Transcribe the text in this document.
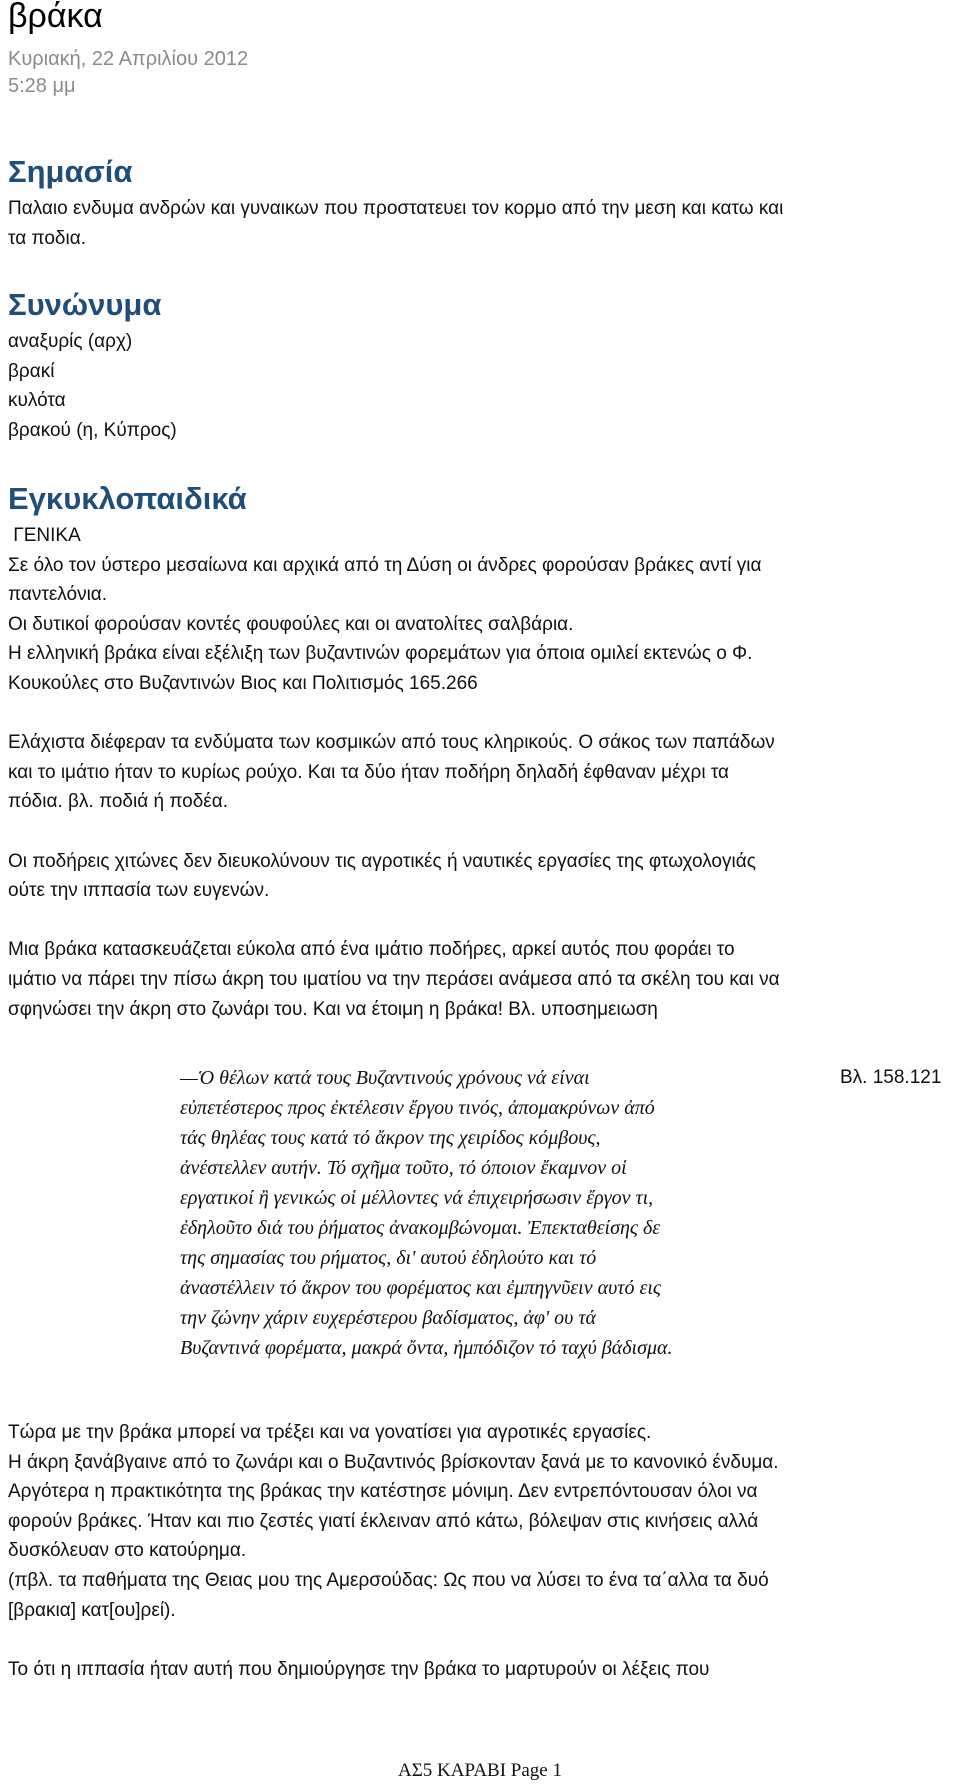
βράκα
Κυριακή, 22 Απριλίου 2012
5:28 μμ
Σημασία

Παλαιο ενδυμα ανδρών και γυναικων που προστατευει τον κορμο από την μεση και κατω και

τα ποδια.

Συνώνυμα

αναξυρίς (αρχ)

βρακί

κυλότα

βρακού (η, Κύπρος)

Εγκυκλοπαιδικά

ΓΕΝΙΚΑ

Σε όλο τον ύστερο μεσαίωνα και αρχικά από τη Δύση οι άνδρες φορούσαν βράκες αντί για

παντελόνια.

Οι δυτικοί φορούσαν κοντές φουφούλες και οι ανατολίτες σαλβάρια.

Η ελληνική βράκα είναι εξέλιξη των βυζαντινών φορεμάτων για όποια ομιλεί εκτενώς ο Φ.

Κουκούλες στο Βυζαντινών Βιος και Πολιτισμός 165.266

Ελάχιστα διέφεραν τα ενδύματα των κοσμικών από τους κληρικούς. Ο σάκος των παπάδων

και το ιμάτιο ήταν το κυρίως ρούχο. Και τα δύο ήταν ποδήρη δηλαδή έφθαναν μέχρι τα

πόδια. βλ. ποδιά ή ποδέα.

Οι ποδήρεις χιτώνες δεν διευκολύνουν τις αγροτικές ή ναυτικές εργασίες της φτωχολογιάς

ούτε την ιππασία των ευγενών.

Μια βράκα κατασκευάζεται εύκολα από ένα ιμάτιο ποδήρες, αρκεί αυτός που φοράει το

ιμάτιο να πάρει την πίσω άκρη του ιματίου να την περάσει ανάμεσα από τα σκέλη του και να

σφηνώσει την άκρη στο ζωνάρι του. Και να έτοιμη η βράκα! Βλ. υποσημειωση

—Ὁ θέλων κατά τους Βυζαντινούς χρόνους νά είναι
εὐπετέστερος προς ἐκτέλεσιν ἔργου τινός, ἀπομακρύνων ἀπό
τάς θηλέας τους κατά τό ἄκρον της χειρίδος κόμβους,
ἀνέστελλεν αυτήν. Τό σχῆμα τοῦτο, τό όποιον ἔκαμνον οἱ
εργατικοί ἢ γενικώς οἱ μέλλοντες νά ἐπιχειρήσωσιν ἔργον τι,
ἐδηλοῦτο διά του ῥήματος ἀνακομβώνομαι. Ἐπεκταθείσης δε
της σημασίας του ρήματος, δι' αυτού ἐδηλούτο και τό
ἀναστέλλειν τό ἄκρον του φορέματος και ἐμπηγνῦειν αυτό εις
την ζώνην χάριν ευχερέστερου βαδίσματος, ἀφ' ου τά
Βυζαντινά φορέματα, μακρά ὄντα, ἠμπόδιζον τό ταχύ βάδισμα.
Βλ. 158.121

Τώρα με την βράκα μπορεί να τρέξει και να γονατίσει για αγροτικές εργασίες.

Η άκρη ξανάβγαινε από το ζωνάρι και ο Βυζαντινός βρίσκονταν ξανά με το κανονικό ένδυμα.

Αργότερα η πρακτικότητα της βράκας την κατέστησε μόνιμη. Δεν εντρεπόντουσαν όλοι να

φορούν βράκες. Ήταν και πιο ζεστές γιατί έκλειναν από κάτω, βόλεψαν στις κινήσεις αλλά

δυσκόλευαν στο κατούρημα.

(πβλ. τα παθήματα της Θειας μου της Αμερσούδας: Ως που να λύσει το ένα τα΄αλλα τα δυό

[βρακια] κατ[ου]ρεί).

Το ότι η ιππασία ήταν αυτή που δημιούργησε την βράκα το μαρτυρούν οι λέξεις που

ΑΣ5 ΚΑΡΑΒΙ Page 1
